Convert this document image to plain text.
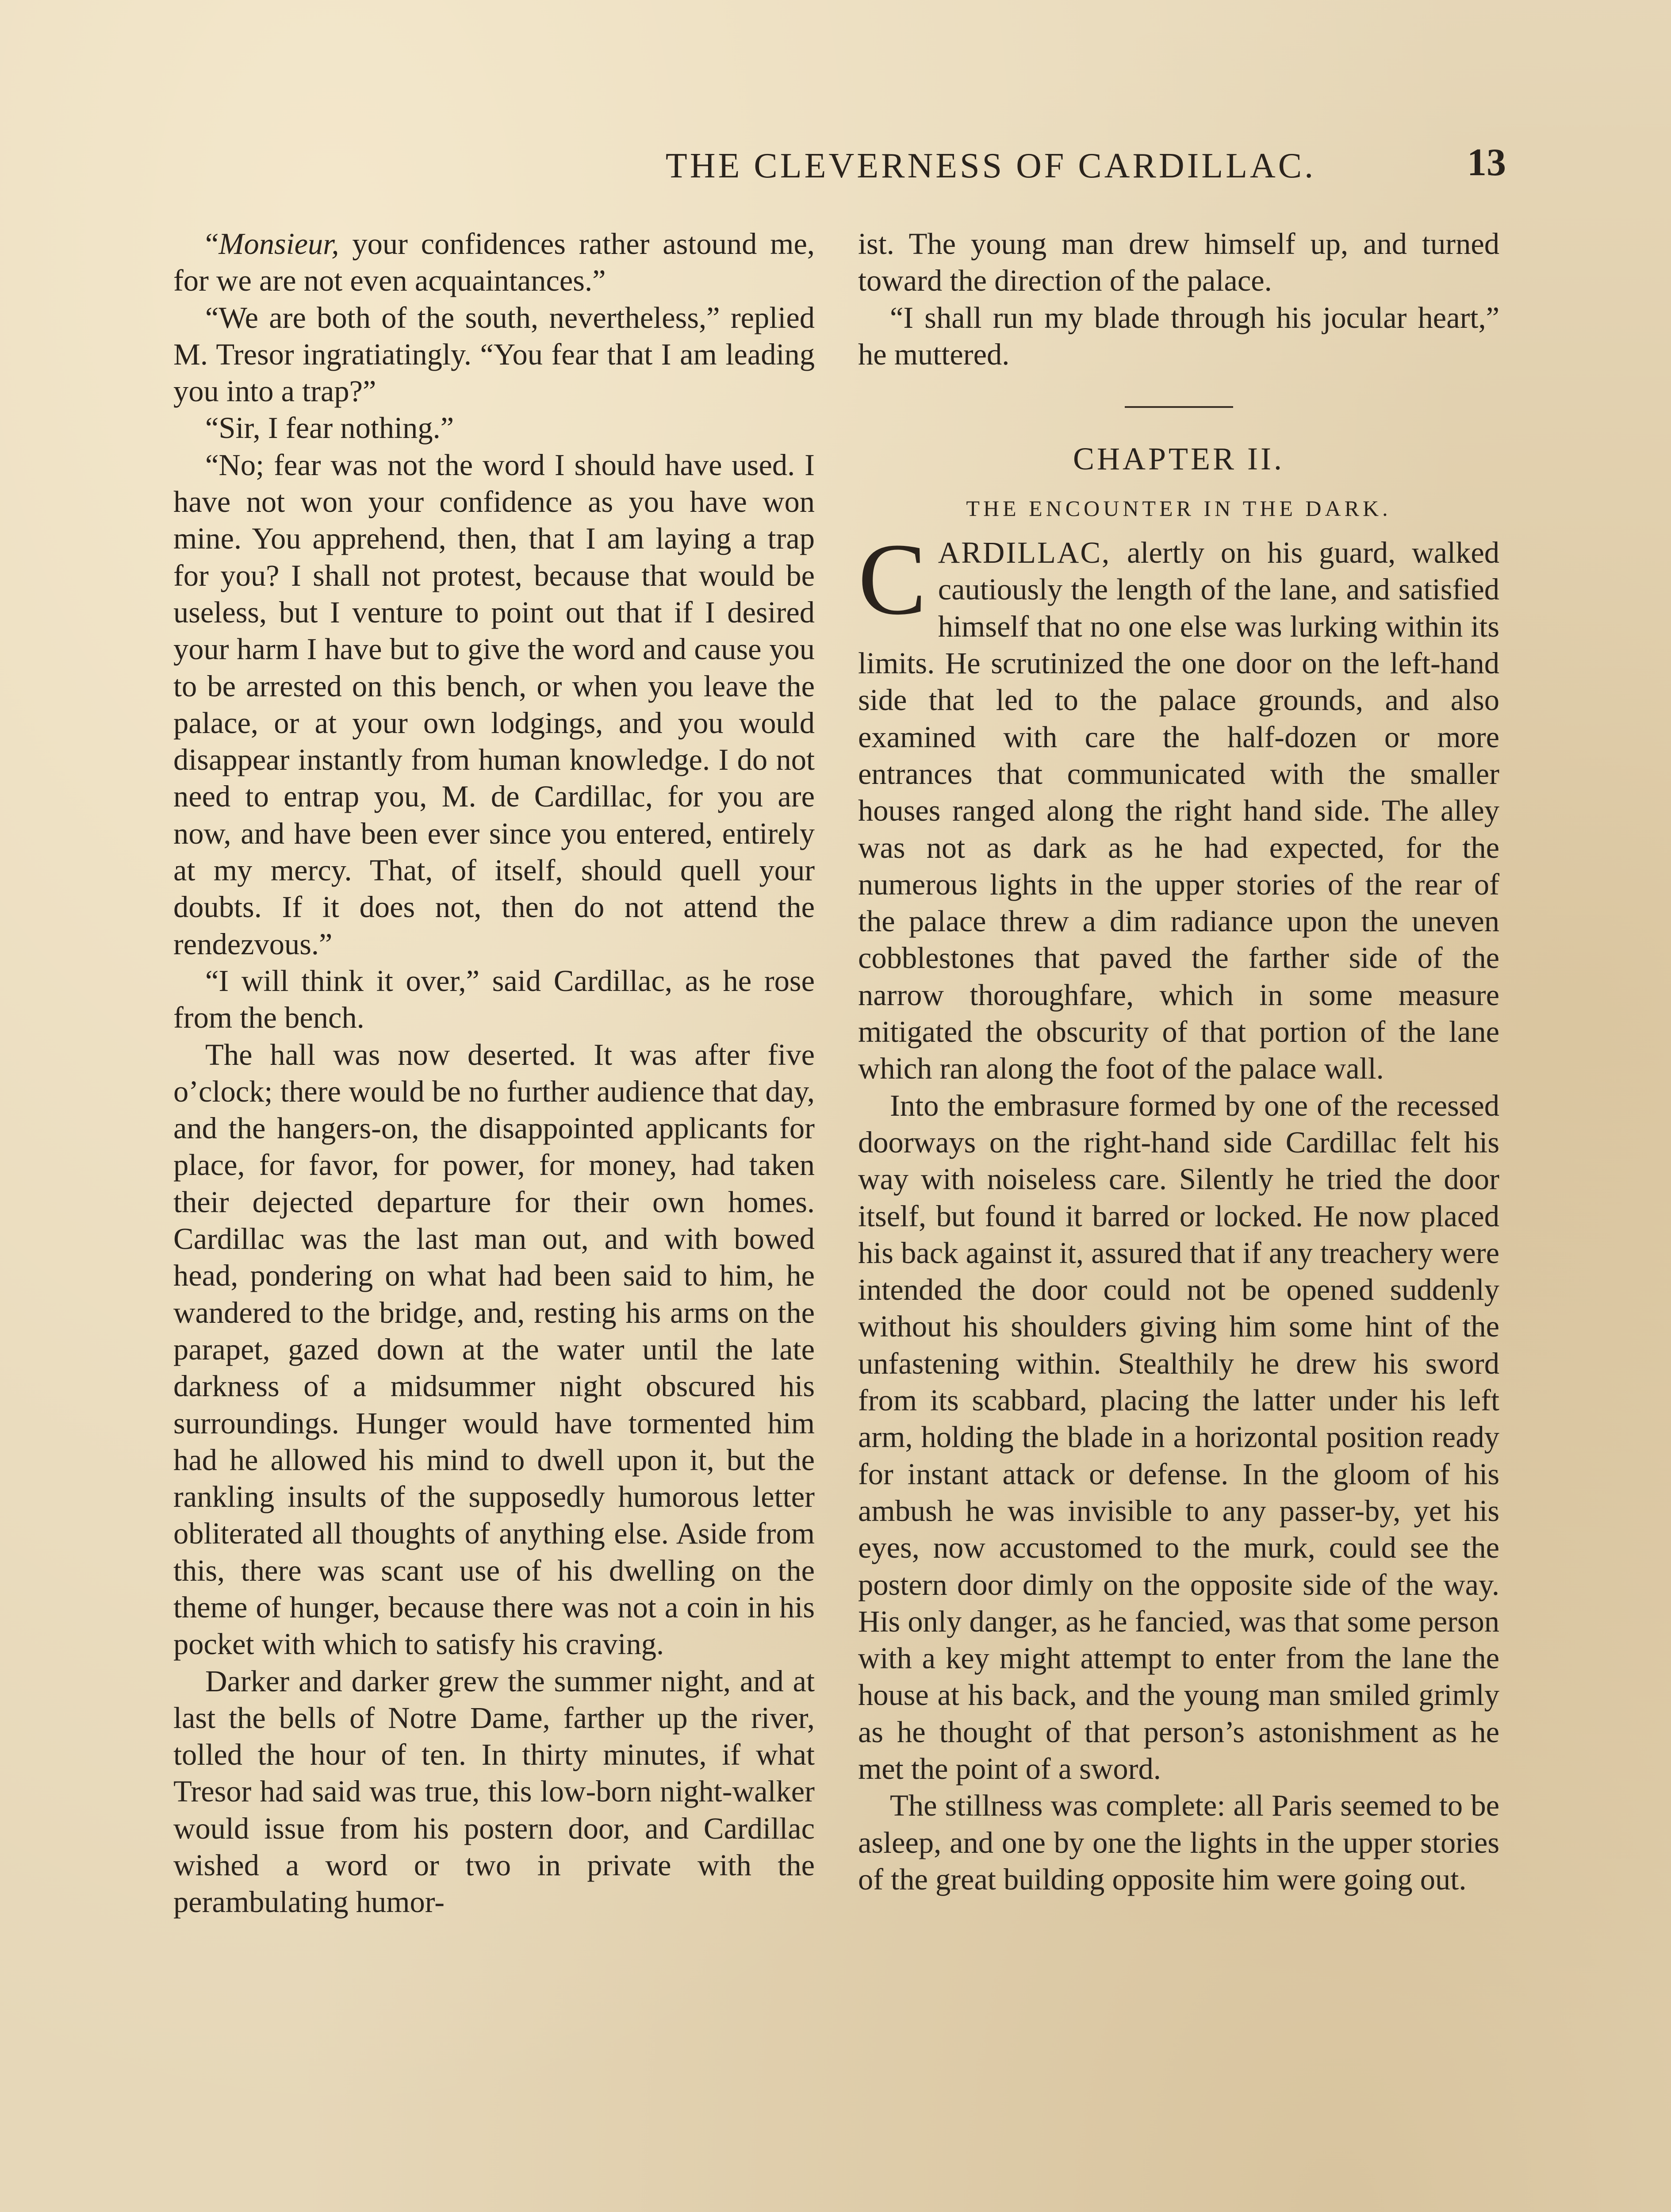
THE CLEVERNESS OF CARDILLAC.	13

“Monsieur, your confidences rather astound me, for we are not even acquaintances.”

“We are both of the south, nevertheless,” replied M. Tresor ingratiatingly. “You fear that I am leading you into a trap?”

“Sir, I fear nothing.”

“No; fear was not the word I should have used. I have not won your confidence as you have won mine. You apprehend, then, that I am laying a trap for you? I shall not protest, because that would be useless, but I venture to point out that if I desired your harm I have but to give the word and cause you to be arrested on this bench, or when you leave the palace, or at your own lodgings, and you would disappear instantly from human knowledge. I do not need to entrap you, M. de Cardillac, for you are now, and have been ever since you entered, entirely at my mercy. That, of itself, should quell your doubts. If it does not, then do not attend the rendezvous.”

“I will think it over,” said Cardillac, as he rose from the bench.

The hall was now deserted. It was after five o’clock; there would be no further audience that day, and the hangers-on, the disappointed applicants for place, for favor, for power, for money, had taken their dejected departure for their own homes. Cardillac was the last man out, and with bowed head, pondering on what had been said to him, he wandered to the bridge, and, resting his arms on the parapet, gazed down at the water until the late darkness of a midsummer night obscured his surroundings. Hunger would have tormented him had he allowed his mind to dwell upon it, but the rankling insults of the supposedly humorous letter obliterated all thoughts of anything else. Aside from this, there was scant use of his dwelling on the theme of hunger, because there was not a coin in his pocket with which to satisfy his craving.

Darker and darker grew the summer night, and at last the bells of Notre Dame, farther up the river, tolled the hour of ten. In thirty minutes, if what Tresor had said was true, this low-born night-walker would issue from his postern door, and Cardillac wished a word or two in private with the perambulating humor-

ist. The young man drew himself up, and turned toward the direction of the palace.

“I shall run my blade through his jocular heart,” he muttered.

CHAPTER II.
THE ENCOUNTER IN THE DARK.

CARDILLAC, alertly on his guard, walked cautiously the length of the lane, and satisfied himself that no one else was lurking within its limits. He scrutinized the one door on the left-hand side that led to the palace grounds, and also examined with care the half-dozen or more entrances that communicated with the smaller houses ranged along the right hand side. The alley was not as dark as he had expected, for the numerous lights in the upper stories of the rear of the palace threw a dim radiance upon the uneven cobblestones that paved the farther side of the narrow thoroughfare, which in some measure mitigated the obscurity of that portion of the lane which ran along the foot of the palace wall.

Into the embrasure formed by one of the recessed doorways on the right-hand side Cardillac felt his way with noiseless care. Silently he tried the door itself, but found it barred or locked. He now placed his back against it, assured that if any treachery were intended the door could not be opened suddenly without his shoulders giving him some hint of the unfastening within. Stealthily he drew his sword from its scabbard, placing the latter under his left arm, holding the blade in a horizontal position ready for instant attack or defense. In the gloom of his ambush he was invisible to any passer-by, yet his eyes, now accustomed to the murk, could see the postern door dimly on the opposite side of the way. His only danger, as he fancied, was that some person with a key might attempt to enter from the lane the house at his back, and the young man smiled grimly as he thought of that person’s astonishment as he met the point of a sword.

The stillness was complete: all Paris seemed to be asleep, and one by one the lights in the upper stories of the great building opposite him were going out.
